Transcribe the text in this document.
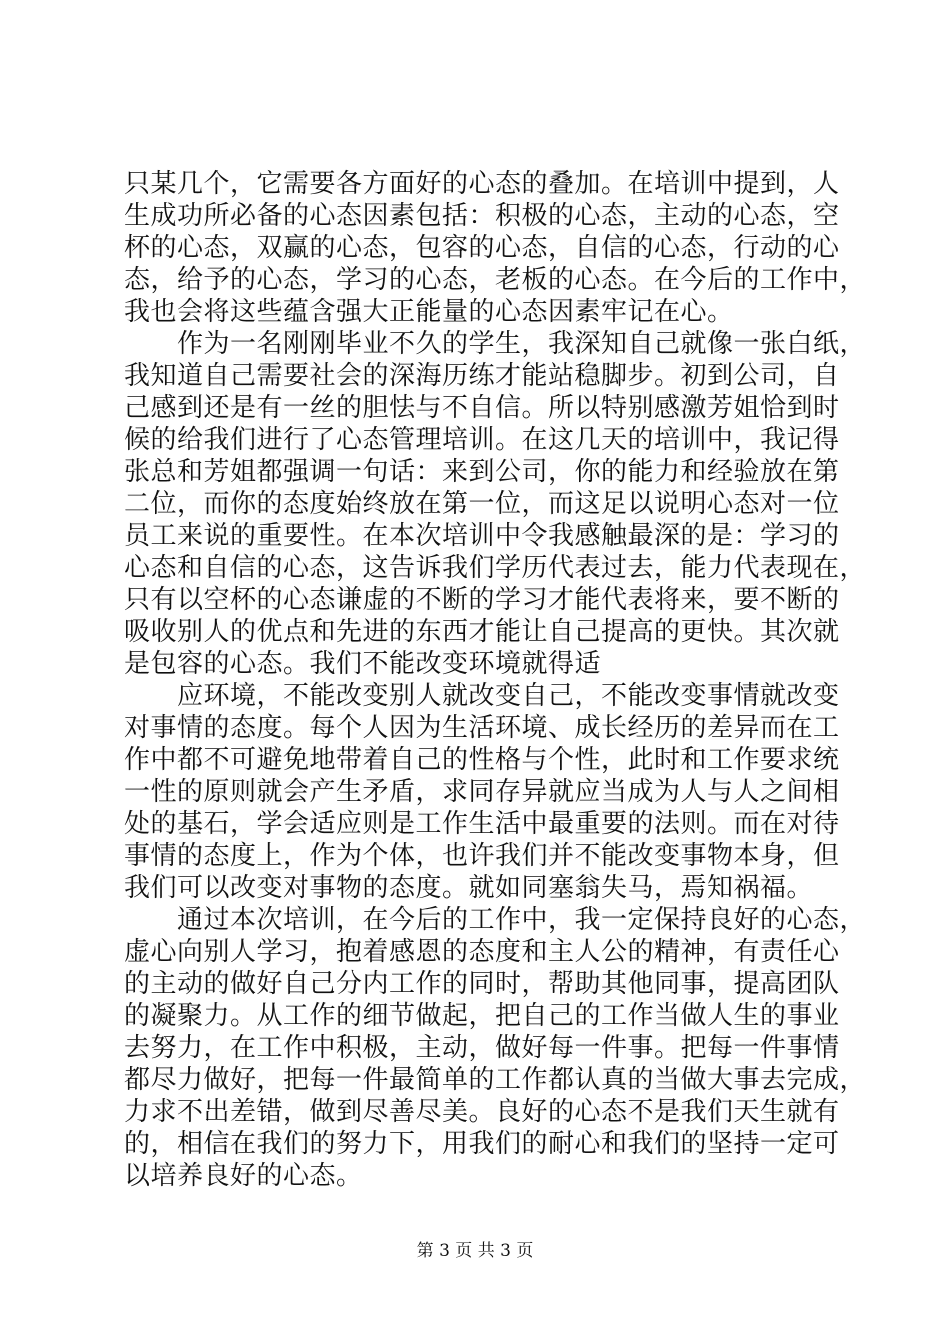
只某几个，它需要各方面好的心态的叠加。在培训中提到，人
生成功所必备的心态因素包括：积极的心态，主动的心态，空
杯的心态，双赢的心态，包容的心态，自信的心态，行动的心
态，给予的心态，学习的心态，老板的心态。在今后的工作中，
我也会将这些蕴含强大正能量的心态因素牢记在心。
　　作为一名刚刚毕业不久的学生，我深知自己就像一张白纸，
我知道自己需要社会的深海历练才能站稳脚步。初到公司，自
己感到还是有一丝的胆怯与不自信。所以特别感激芳姐恰到时
候的给我们进行了心态管理培训。在这几天的培训中，我记得
张总和芳姐都强调一句话：来到公司，你的能力和经验放在第
二位，而你的态度始终放在第一位，而这足以说明心态对一位
员工来说的重要性。在本次培训中令我感触最深的是：学习的
心态和自信的心态，这告诉我们学历代表过去，能力代表现在，
只有以空杯的心态谦虚的不断的学习才能代表将来，要不断的
吸收别人的优点和先进的东西才能让自己提高的更快。其次就
是包容的心态。我们不能改变环境就得适
　　应环境，不能改变别人就改变自己，不能改变事情就改变
对事情的态度。每个人因为生活环境、成长经历的差异而在工
作中都不可避免地带着自己的性格与个性，此时和工作要求统
一性的原则就会产生矛盾，求同存异就应当成为人与人之间相
处的基石，学会适应则是工作生活中最重要的法则。而在对待
事情的态度上，作为个体，也许我们并不能改变事物本身，但
我们可以改变对事物的态度。就如同塞翁失马，焉知祸福。
　　通过本次培训，在今后的工作中，我一定保持良好的心态，
虚心向别人学习，抱着感恩的态度和主人公的精神，有责任心
的主动的做好自己分内工作的同时，帮助其他同事，提高团队
的凝聚力。从工作的细节做起，把自己的工作当做人生的事业
去努力，在工作中积极，主动，做好每一件事。把每一件事情
都尽力做好，把每一件最简单的工作都认真的当做大事去完成，
力求不出差错，做到尽善尽美。良好的心态不是我们天生就有
的，相信在我们的努力下，用我们的耐心和我们的坚持一定可
以培养良好的心态。
第 3 页 共 3 页
